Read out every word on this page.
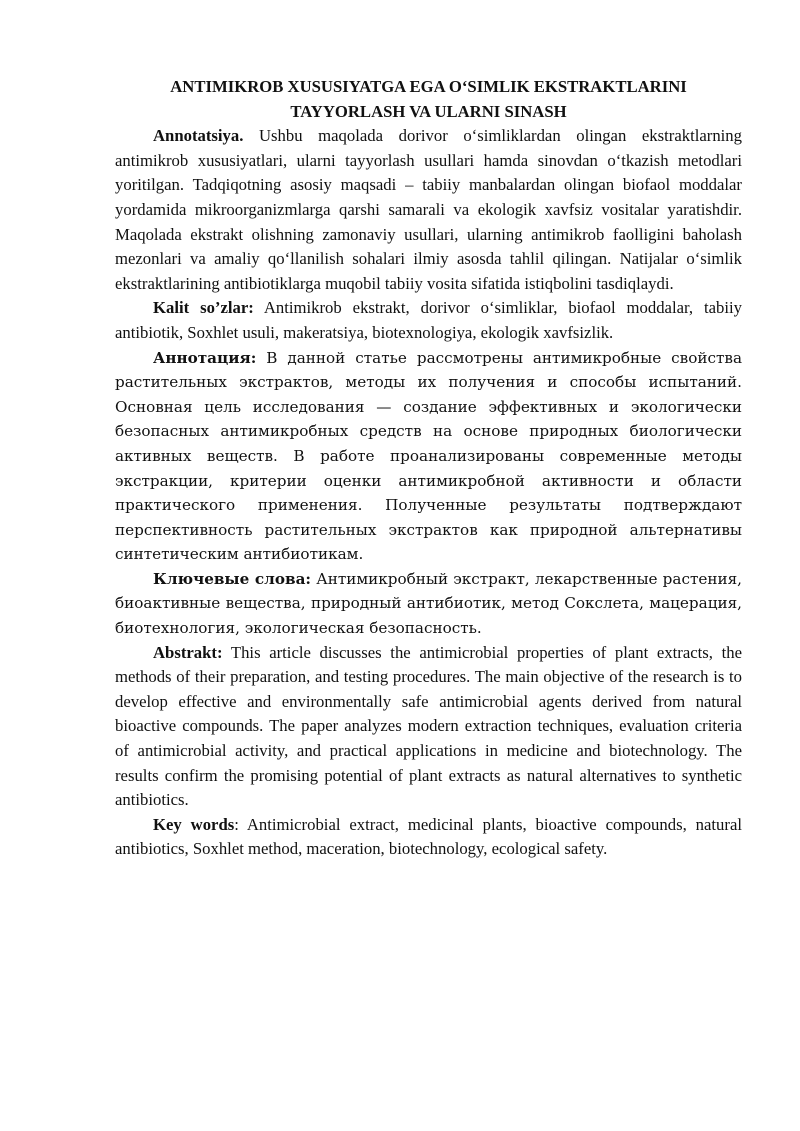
ANTIMIKROB XUSUSIYATGA EGA O‘SIMLIK EKSTRAKTLARINI
TAYYORLASH VA ULARNI SINASH

Annotatsiya. Ushbu maqolada dorivor o‘simliklardan olingan ekstraktlarning antimikrob xususiyatlari, ularni tayyorlash usullari hamda sinovdan o‘tkazish metodlari yoritilgan. Tadqiqotning asosiy maqsadi – tabiiy manbalardan olingan biofaol moddalar yordamida mikroorganizmlarga qarshi samarali va ekologik xavfsiz vositalar yaratishdir. Maqolada ekstrakt olishning zamonaviy usullari, ularning antimikrob faolligini baholash mezonlari va amaliy qo‘llanilish sohalari ilmiy asosda tahlil qilingan. Natijalar o‘simlik ekstraktlarining antibiotiklarga muqobil tabiiy vosita sifatida istiqbolini tasdiqlaydi.

Kalit so’zlar: Antimikrob ekstrakt, dorivor o‘simliklar, biofaol moddalar, tabiiy antibiotik, Soxhlet usuli, makeratsiya, biotexnologiya, ekologik xavfsizlik.

Аннотация: В данной статье рассмотрены антимикробные свойства растительных экстрактов, методы их получения и способы испытаний. Основная цель исследования — создание эффективных и экологически безопасных антимикробных средств на основе природных биологически активных веществ. В работе проанализированы современные методы экстракции, критерии оценки антимикробной активности и области практического применения. Полученные результаты подтверждают перспективность растительных экстрактов как природной альтернативы синтетическим антибиотикам.

Ключевые слова: Антимикробный экстракт, лекарственные растения, биоактивные вещества, природный антибиотик, метод Сокслета, мацерация, биотехнология, экологическая безопасность.

Abstrakt: This article discusses the antimicrobial properties of plant extracts, the methods of their preparation, and testing procedures. The main objective of the research is to develop effective and environmentally safe antimicrobial agents derived from natural bioactive compounds. The paper analyzes modern extraction techniques, evaluation criteria of antimicrobial activity, and practical applications in medicine and biotechnology. The results confirm the promising potential of plant extracts as natural alternatives to synthetic antibiotics.

Key words: Antimicrobial extract, medicinal plants, bioactive compounds, natural antibiotics, Soxhlet method, maceration, biotechnology, ecological safety.
